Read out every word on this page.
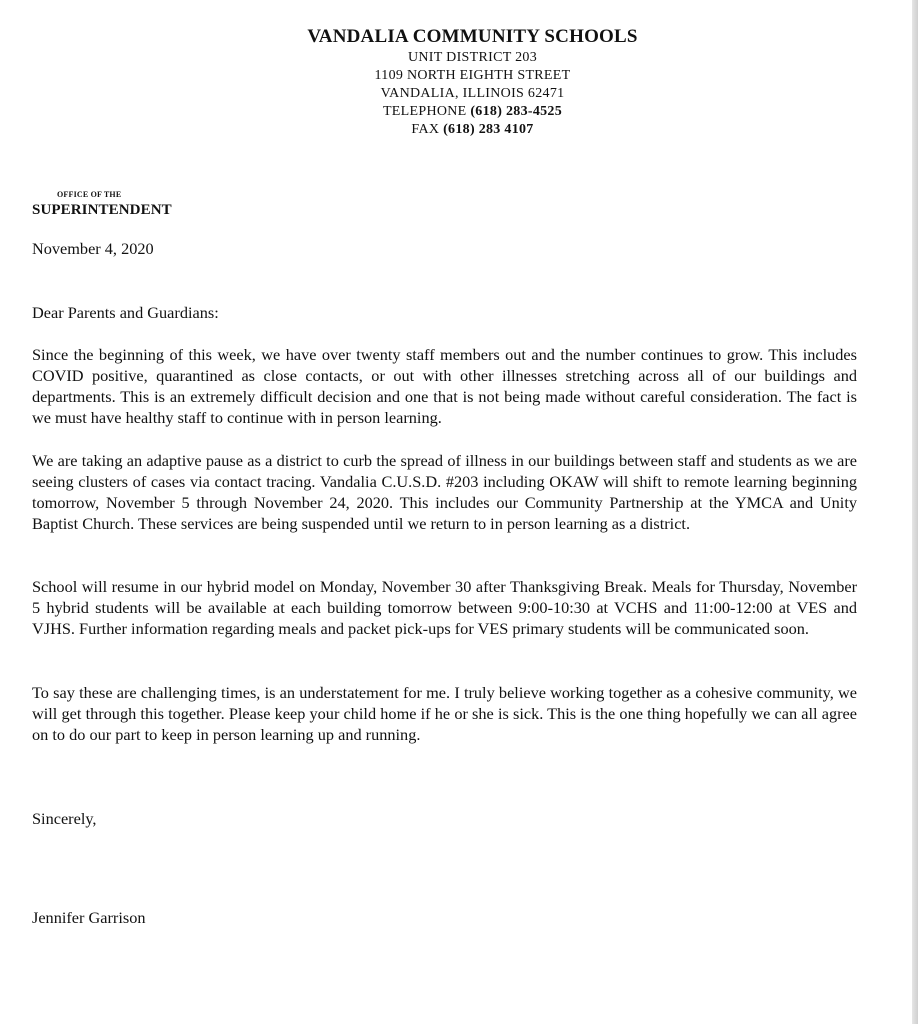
VANDALIA COMMUNITY SCHOOLS
UNIT DISTRICT 203
1109 NORTH EIGHTH STREET
VANDALIA, ILLINOIS 62471
TELEPHONE (618) 283-4525
FAX (618) 283 4107
OFFICE OF THE
SUPERINTENDENT

November 4, 2020

Dear Parents and Guardians:

Since the beginning of this week, we have over twenty staff members out and the number continues to grow. This includes COVID positive, quarantined as close contacts, or out with other illnesses stretching across all of our buildings and departments. This is an extremely difficult decision and one that is not being made without careful consideration. The fact is we must have healthy staff to continue with in person learning.

We are taking an adaptive pause as a district to curb the spread of illness in our buildings between staff and students as we are seeing clusters of cases via contact tracing. Vandalia C.U.S.D. #203 including OKAW will shift to remote learning beginning tomorrow, November 5 through November 24, 2020. This includes our Community Partnership at the YMCA and Unity Baptist Church. These services are being suspended until we return to in person learning as a district.

School will resume in our hybrid model on Monday, November 30 after Thanksgiving Break. Meals for Thursday, November 5 hybrid students will be available at each building tomorrow between 9:00-10:30 at VCHS and 11:00-12:00 at VES and VJHS. Further information regarding meals and packet pick-ups for VES primary students will be communicated soon.

To say these are challenging times, is an understatement for me. I truly believe working together as a cohesive community, we will get through this together. Please keep your child home if he or she is sick. This is the one thing hopefully we can all agree on to do our part to keep in person learning up and running.

Sincerely,

Jennifer Garrison
